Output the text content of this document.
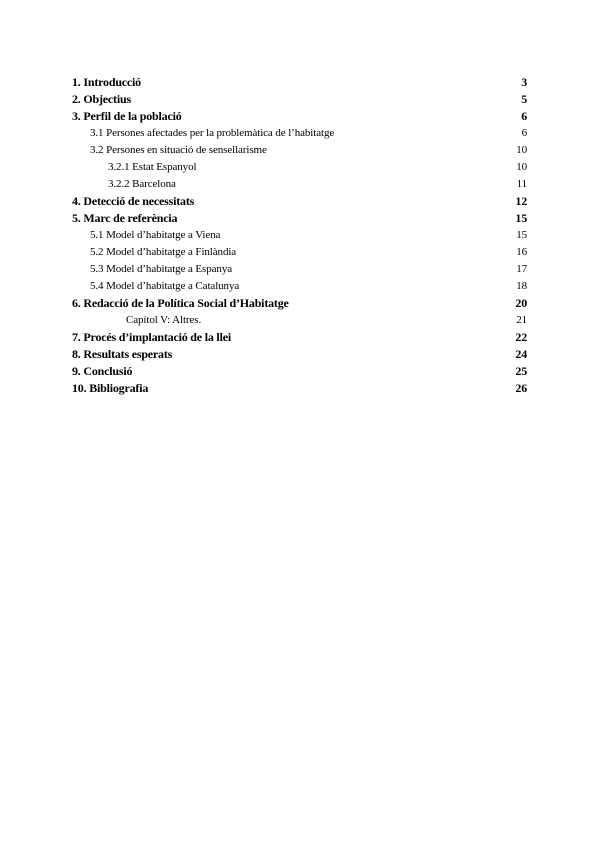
1. Introducció	3
2. Objectius	5
3. Perfil de la població	6
3.1 Persones afectades per la problemàtica de l’habitatge	6
3.2 Persones en situació de sensellarisme	10
3.2.1 Estat Espanyol	10
3.2.2 Barcelona	11
4. Detecció de necessitats	12
5. Marc de referència	15
5.1 Model d’habitatge a Viena	15
5.2 Model d’habitatge a Finlàndia	16
5.3 Model d’habitatge a Espanya	17
5.4 Model d’habitatge a Catalunya	18
6. Redacció de la Política Social d’Habitatge	20
Capítol V: Altres.	21
7. Procés d’implantació de la llei	22
8. Resultats esperats	24
9. Conclusió	25
10. Bibliografia	26
